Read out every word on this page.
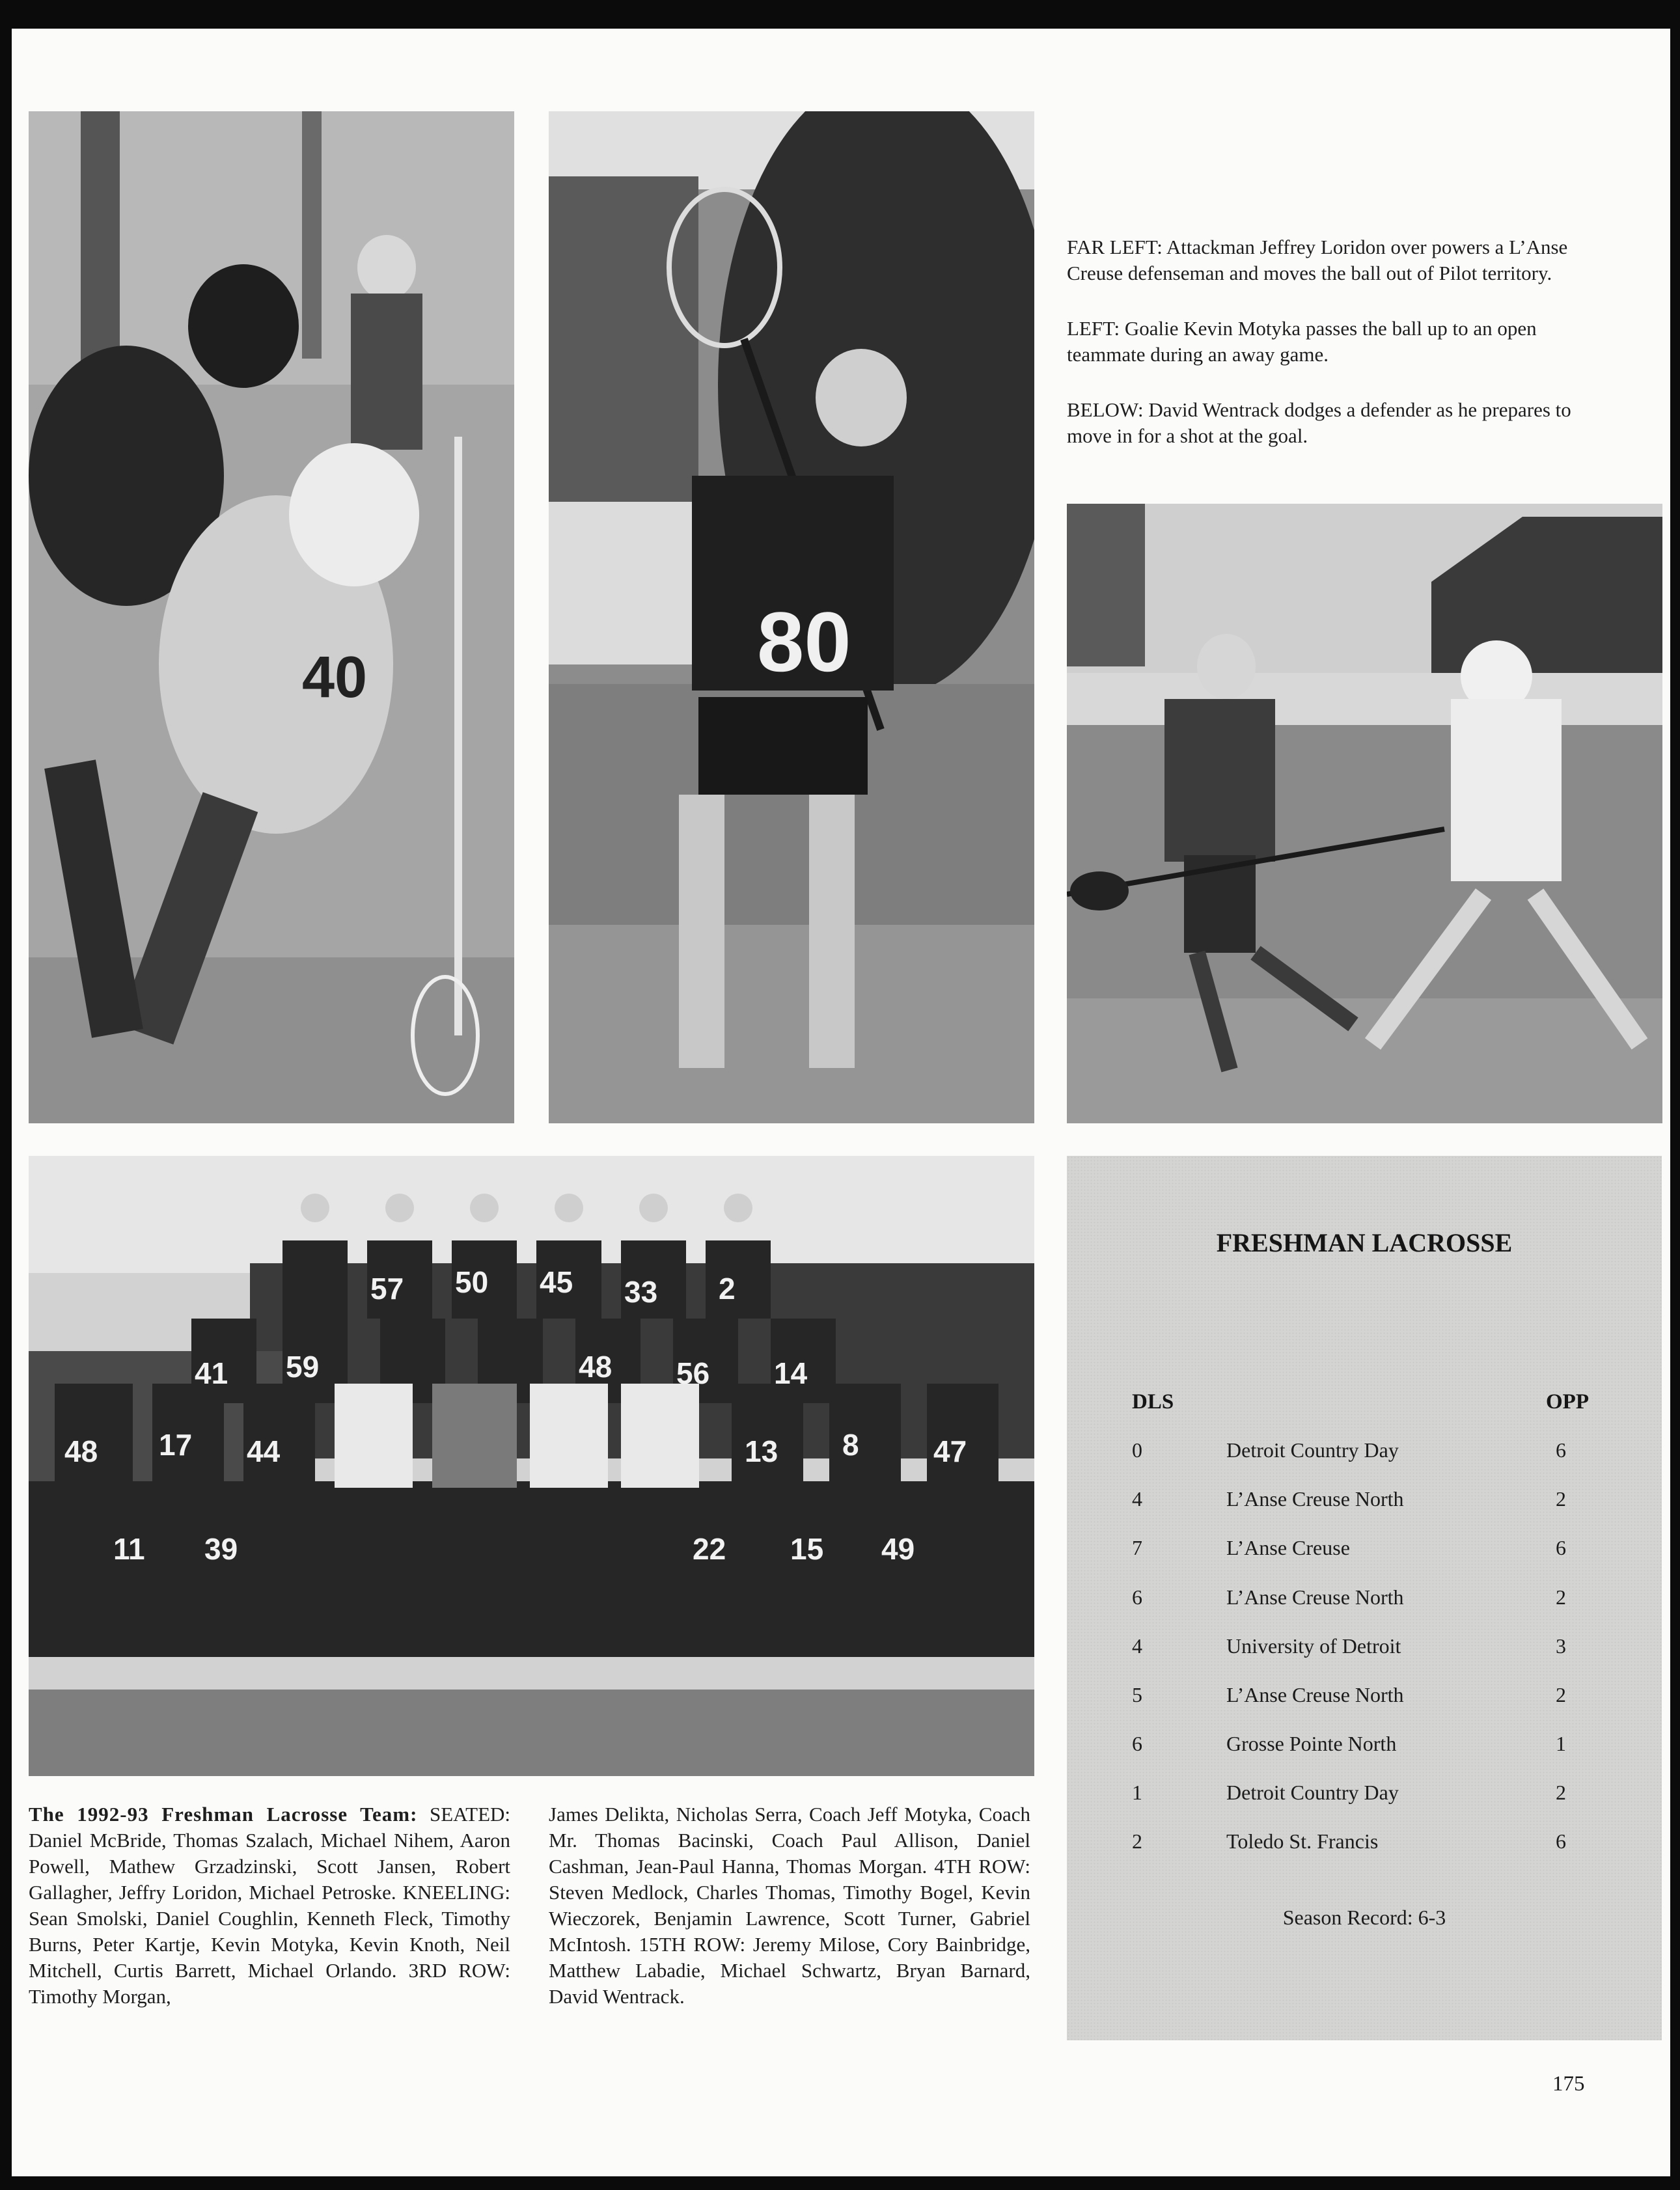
40	80

FAR LEFT: Attackman Jeffrey Loridon over powers a L’Anse Creuse defenseman and moves the ball out of Pilot territory.

LEFT: Goalie Kevin Motyka passes the ball up to an open teammate during an away game.

BELOW: David Wentrack dodges a defender as he prepares to move in for a shot at the goal.

57 50 45 33 2
41 59	48 56 14
48 17 44	13 8 47
11 39	22 15 49
The 1992-93 Freshman Lacrosse Team: SEATED: Daniel McBride, Thomas Szalach, Michael Nihem, Aaron Powell, Mathew Grzadzinski, Scott Jansen, Robert Gallagher, Jeffry Loridon, Michael Petroske. KNEELING: Sean Smolski, Daniel Coughlin, Kenneth Fleck, Timothy Burns, Peter Kartje, Kevin Motyka, Kevin Knoth, Neil Mitchell, Curtis Barrett, Michael Orlando. 3RD ROW: Timothy Morgan,
James Delikta, Nicholas Serra, Coach Jeff Motyka, Coach Mr. Thomas Bacinski, Coach Paul Allison, Daniel Cashman, Jean-Paul Hanna, Thomas Morgan. 4TH ROW: Steven Medlock, Charles Thomas, Timothy Bogel, Kevin Wieczorek, Benjamin Lawrence, Scott Turner, Gabriel McIntosh. 15TH ROW: Jeremy Milose, Cory Bainbridge, Matthew Labadie, Michael Schwartz, Bryan Barnard, David Wentrack.
FRESHMAN LACROSSE
DLS	OPP
0	Detroit Country Day	6
4	L’Anse Creuse North	2
7	L’Anse Creuse	6
6	L’Anse Creuse North	2
4	University of Detroit	3
5	L’Anse Creuse North	2
6	Grosse Pointe North	1
1	Detroit Country Day	2
2	Toledo St. Francis	6
Season Record: 6-3
175
